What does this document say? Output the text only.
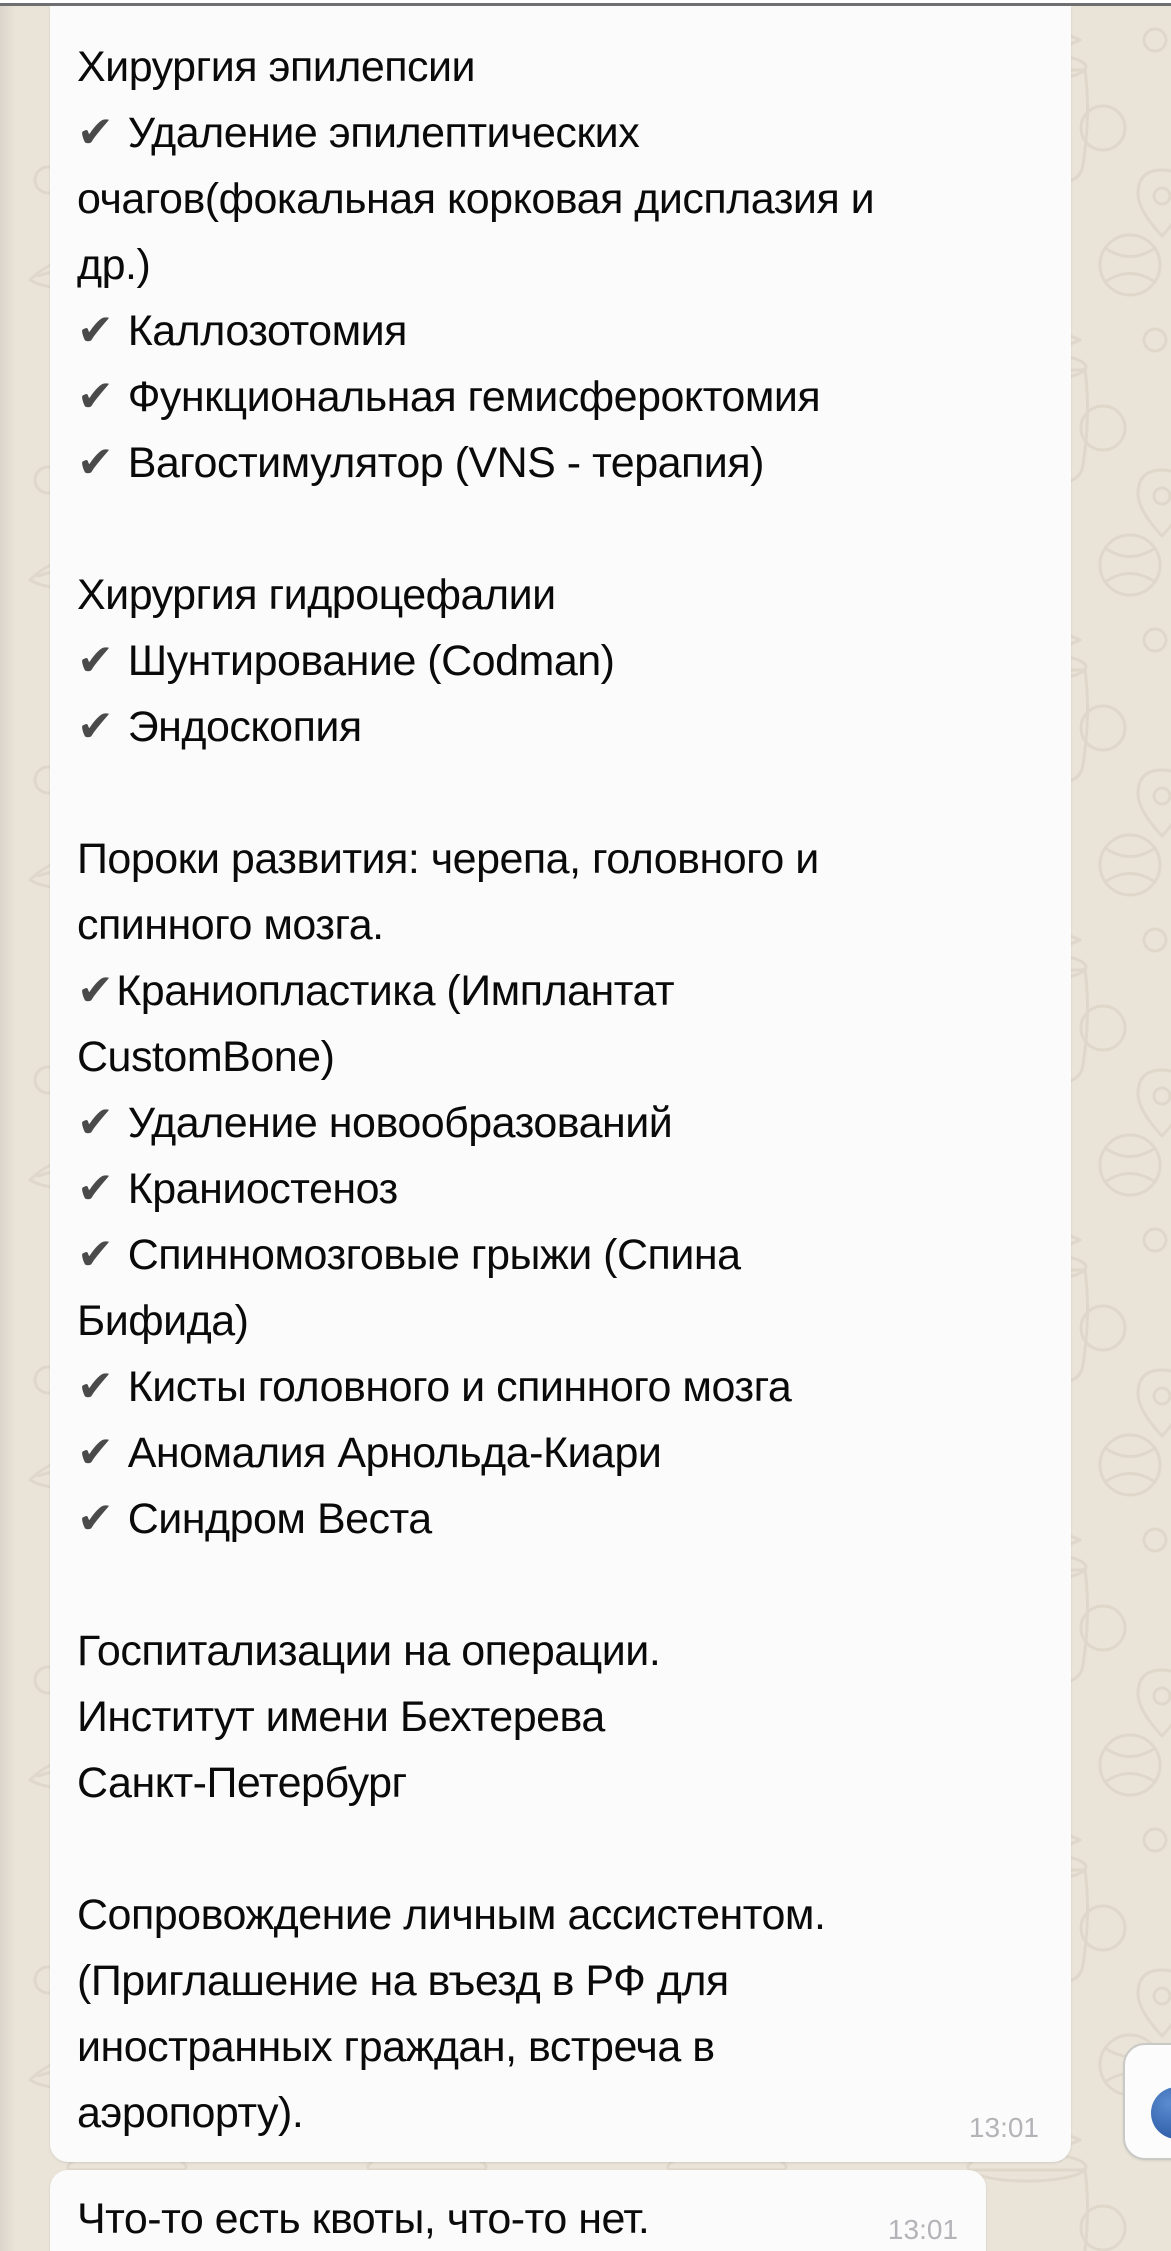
Хирургия эпилепсии
✔ Удаление эпилептических
очагов(фокальная корковая дисплазия и
др.)
✔ Каллозотомия
✔ Функциональная гемисфероктомия
✔ Вагостимулятор (VNS - терапия)

Хирургия гидроцефалии
✔ Шунтирование (Codman)
✔ Эндоскопия

Пороки развития: черепа, головного и
спинного мозга.
✔Краниопластика (Имплантат
CustomBone)
✔ Удаление новообразований
✔ Краниостеноз
✔ Спинномозговые грыжи (Спина
Бифида)
✔ Кисты головного и спинного мозга
✔ Аномалия Арнольда-Киари
✔ Синдром Веста

Госпитализации на операции.
Институт имени Бехтерева
Санкт-Петербург

Сопровождение личным ассистентом.
(Приглашение на въезд в РФ для
иностранных граждан, встреча в
аэропорту).	13:01
Что-то есть квоты, что-то нет.	13:01
